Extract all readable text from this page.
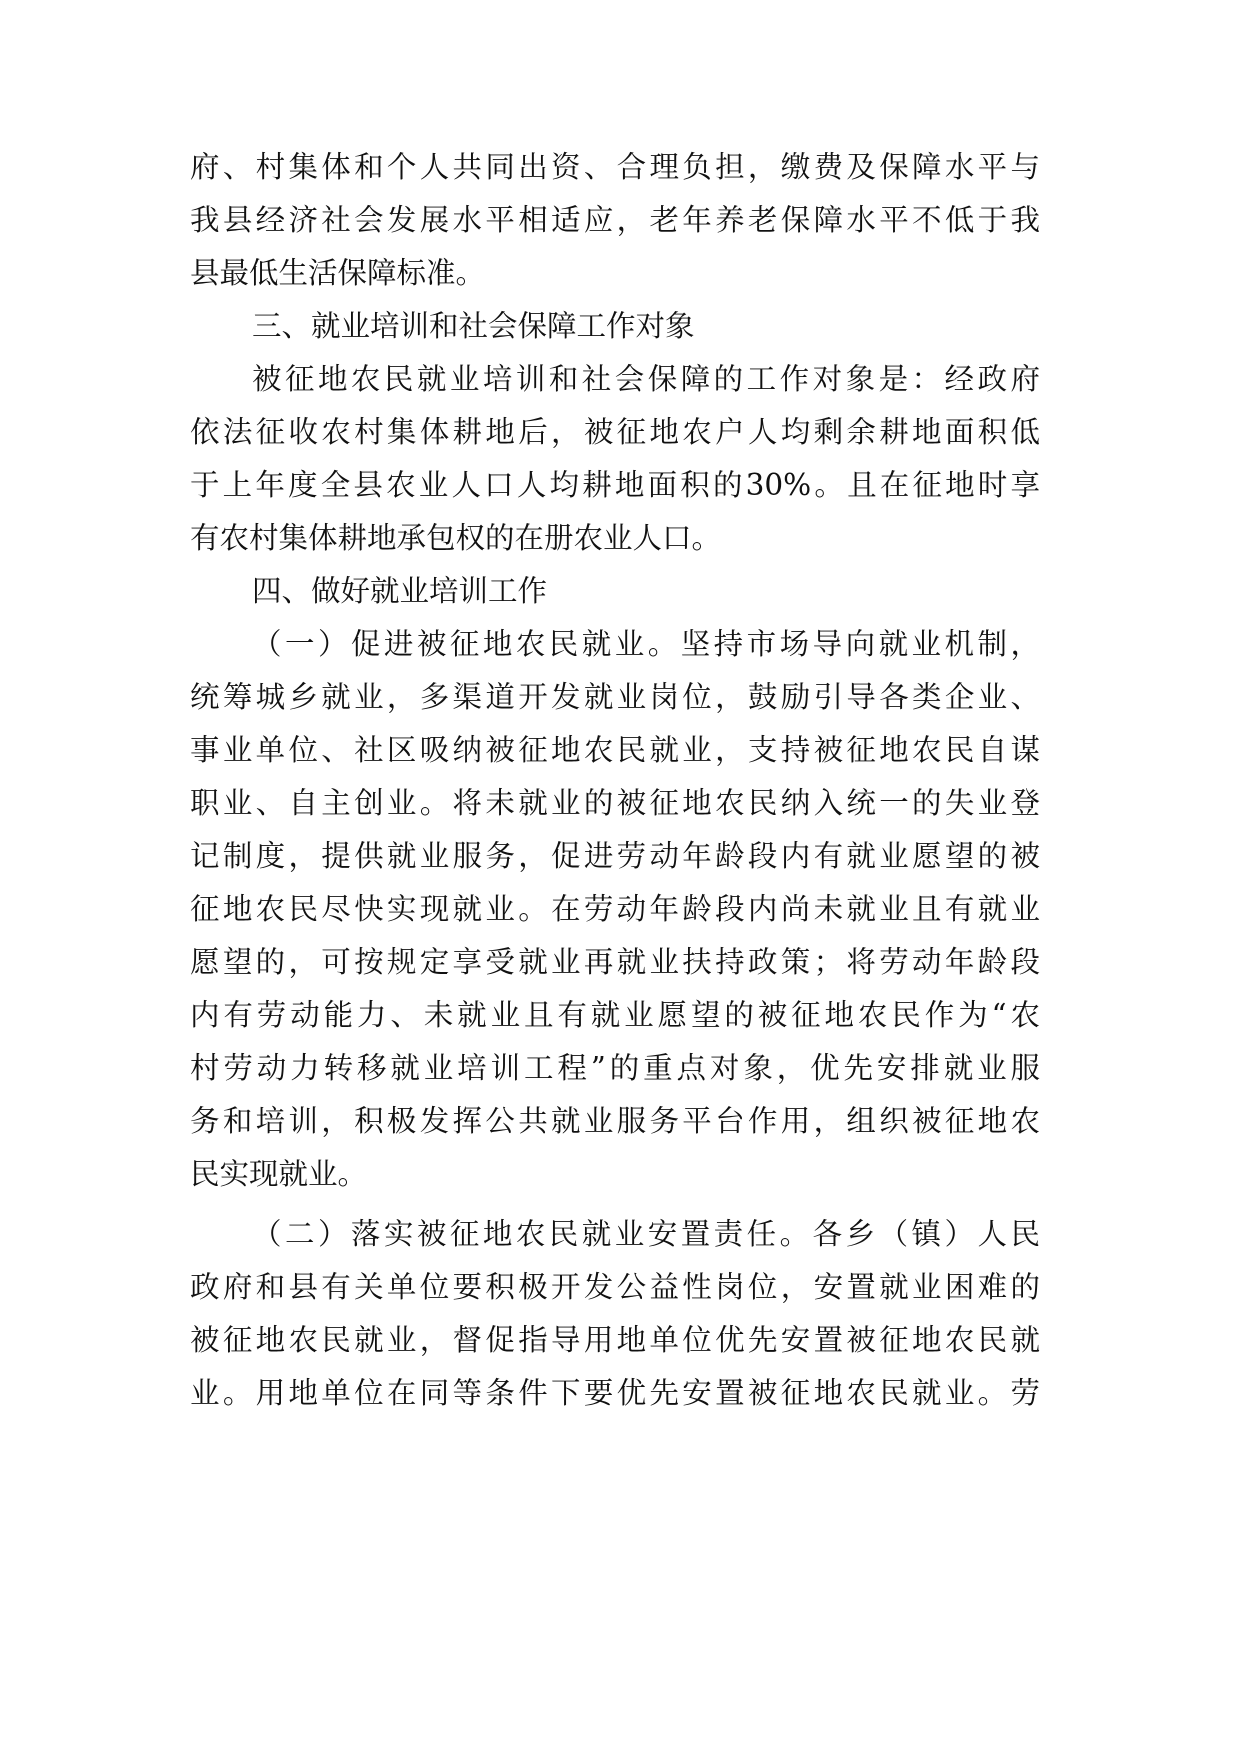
府、村集体和个人共同出资、合理负担，缴费及保障水平与
我县经济社会发展水平相适应，老年养老保障水平不低于我
县最低生活保障标准。
三、就业培训和社会保障工作对象
被征地农民就业培训和社会保障的工作对象是：经政府
依法征收农村集体耕地后，被征地农户人均剩余耕地面积低
于上年度全县农业人口人均耕地面积的30%。且在征地时享
有农村集体耕地承包权的在册农业人口。
四、做好就业培训工作
（一）促进被征地农民就业。坚持市场导向就业机制，
统筹城乡就业，多渠道开发就业岗位，鼓励引导各类企业、
事业单位、社区吸纳被征地农民就业，支持被征地农民自谋
职业、自主创业。将未就业的被征地农民纳入统一的失业登
记制度，提供就业服务，促进劳动年龄段内有就业愿望的被
征地农民尽快实现就业。在劳动年龄段内尚未就业且有就业
愿望的，可按规定享受就业再就业扶持政策；将劳动年龄段
内有劳动能力、未就业且有就业愿望的被征地农民作为“农
村劳动力转移就业培训工程”的重点对象，优先安排就业服
务和培训，积极发挥公共就业服务平台作用，组织被征地农
民实现就业。
（二）落实被征地农民就业安置责任。各乡（镇）人民
政府和县有关单位要积极开发公益性岗位，安置就业困难的
被征地农民就业，督促指导用地单位优先安置被征地农民就
业。用地单位在同等条件下要优先安置被征地农民就业。劳
